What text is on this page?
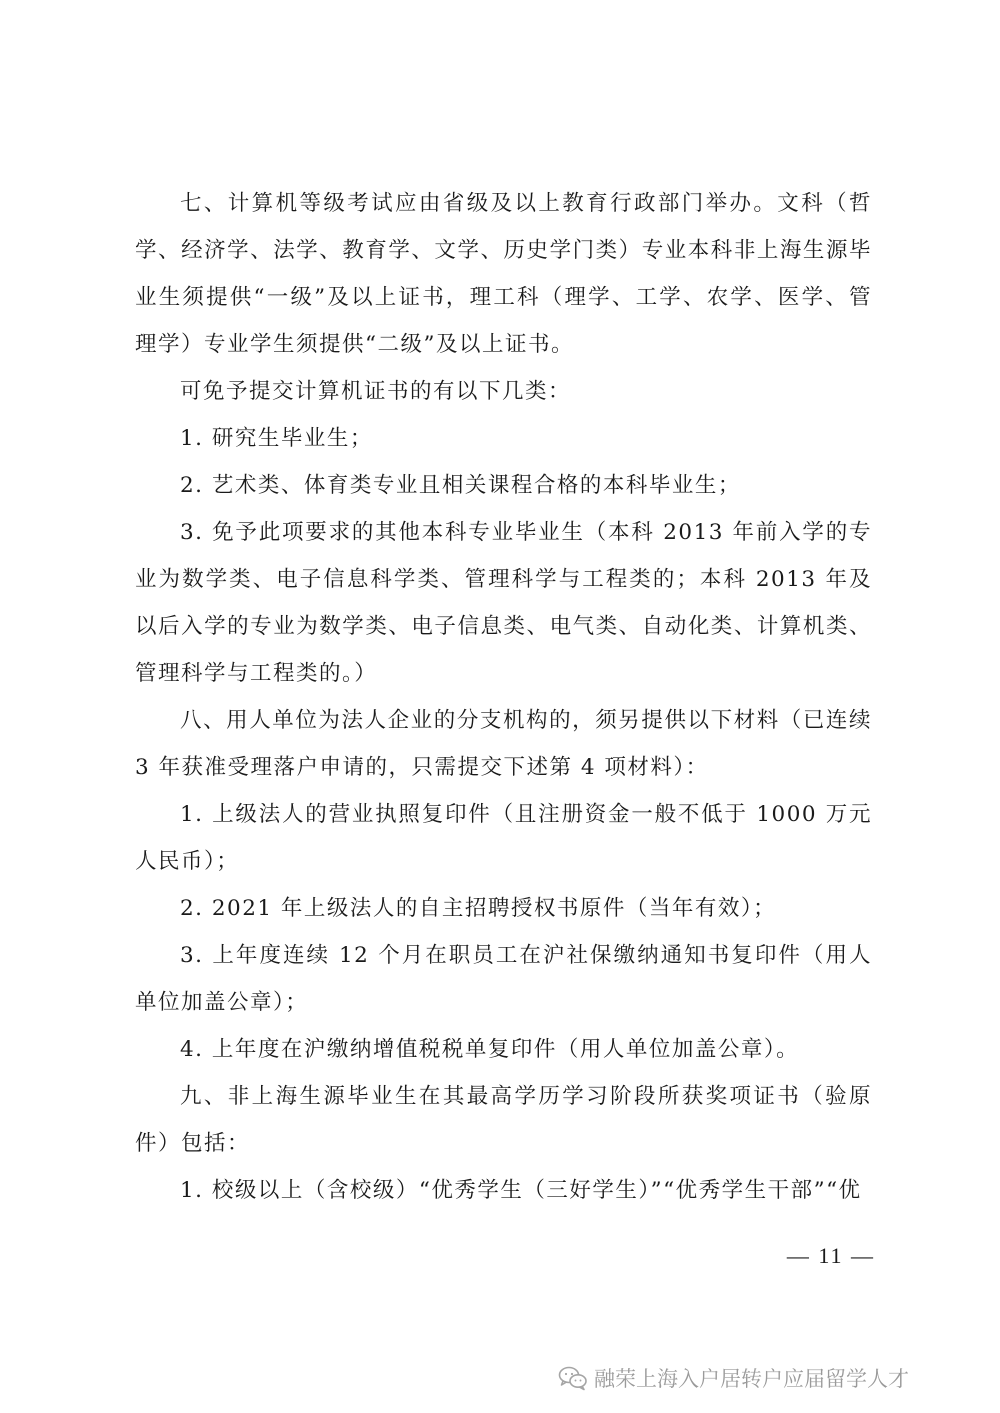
七、计算机等级考试应由省级及以上教育行政部门举办。文科（哲学、经济学、法学、教育学、文学、历史学门类）专业本科非上海生源毕业生须提供“一级”及以上证书，理工科（理学、工学、农学、医学、管理学）专业学生须提供“二级”及以上证书。

可免予提交计算机证书的有以下几类：

1. 研究生毕业生；

2. 艺术类、体育类专业且相关课程合格的本科毕业生；

3. 免予此项要求的其他本科专业毕业生（本科 2013 年前入学的专业为数学类、电子信息科学类、管理科学与工程类的；本科 2013 年及以后入学的专业为数学类、电子信息类、电气类、自动化类、计算机类、管理科学与工程类的。）

八、用人单位为法人企业的分支机构的，须另提供以下材料（已连续 3 年获准受理落户申请的，只需提交下述第 4 项材料）：

1. 上级法人的营业执照复印件（且注册资金一般不低于 1000 万元人民币）；

2. 2021 年上级法人的自主招聘授权书原件（当年有效）；

3. 上年度连续 12 个月在职员工在沪社保缴纳通知书复印件（用人单位加盖公章）；

4. 上年度在沪缴纳增值税税单复印件（用人单位加盖公章）。

九、非上海生源毕业生在其最高学历学习阶段所获奖项证书（验原件）包括：

1. 校级以上（含校级）“优秀学生（三好学生）”“优秀学生干部”“优

— 11 —
融荣上海入户居转户应届留学人才
